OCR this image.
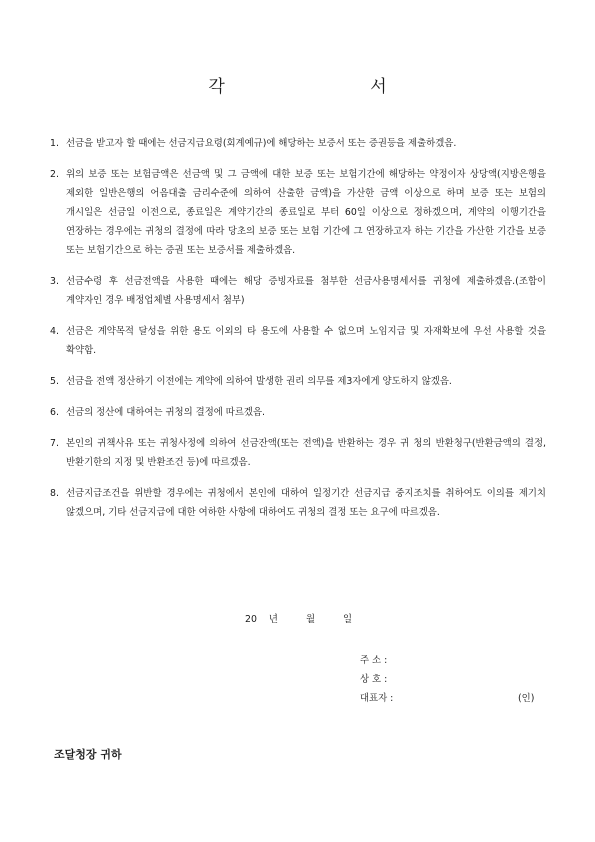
각 서
1. 선금을 받고자 할 때에는 선금지급요령(회계예규)에 해당하는 보증서 또는 증권등을 제출하겠음.
2. 위의 보증 또는 보험금액은 선금액 및 그 금액에 대한 보증 또는 보험기간에 해당하는 약정이자 상당액(지방은행을 제외한 일반은행의 어음대출 금리수준에 의하여 산출한 금액)을 가산한 금액 이상으로 하며 보증 또는 보험의 개시일은 선금일 이전으로, 종료일은 계약기간의 종료일로 부터 60일 이상으로 정하겠으며, 계약의 이행기간을 연장하는 경우에는 귀청의 결정에 따라 당초의 보증 또는 보험 기간에 그 연장하고자 하는 기간을 가산한 기간을 보증 또는 보험기간으로 하는 증권 또는 보증서를 제출하겠음.
3. 선금수령 후 선금전액을 사용한 때에는 해당 증빙자료를 첨부한 선금사용명세서를 귀청에 제출하겠음.(조합이 계약자인 경우 배정업체별 사용명세서 첨부)
4. 선금은 계약목적 달성을 위한 용도 이외의 타 용도에 사용할 수 없으며 노임지급 및 자재확보에 우선 사용할 것을 확약함.
5. 선금을 전액 정산하기 이전에는 계약에 의하여 발생한 권리 의무를 제3자에게 양도하지 않겠음.
6. 선금의 정산에 대하여는 귀청의 결정에 따르겠음.
7. 본인의 귀책사유 또는 귀청사정에 의하여 선금잔액(또는 전액)을 반환하는 경우 귀 청의 반환청구(반환금액의 결정, 반환기한의 지정 및 반환조건 등)에 따르겠음.
8. 선금지급조건을 위반할 경우에는 귀청에서 본인에 대하여 일정기간 선금지급 중지조치를 취하여도 이의를 제기치 않겠으며, 기타 선금지급에 대한 여하한 사항에 대하여도 귀청의 결정 또는 요구에 따르겠음.
20 년	월	일
주 소 :
상 호 :
대표자 :	(인)
조달청장 귀하
